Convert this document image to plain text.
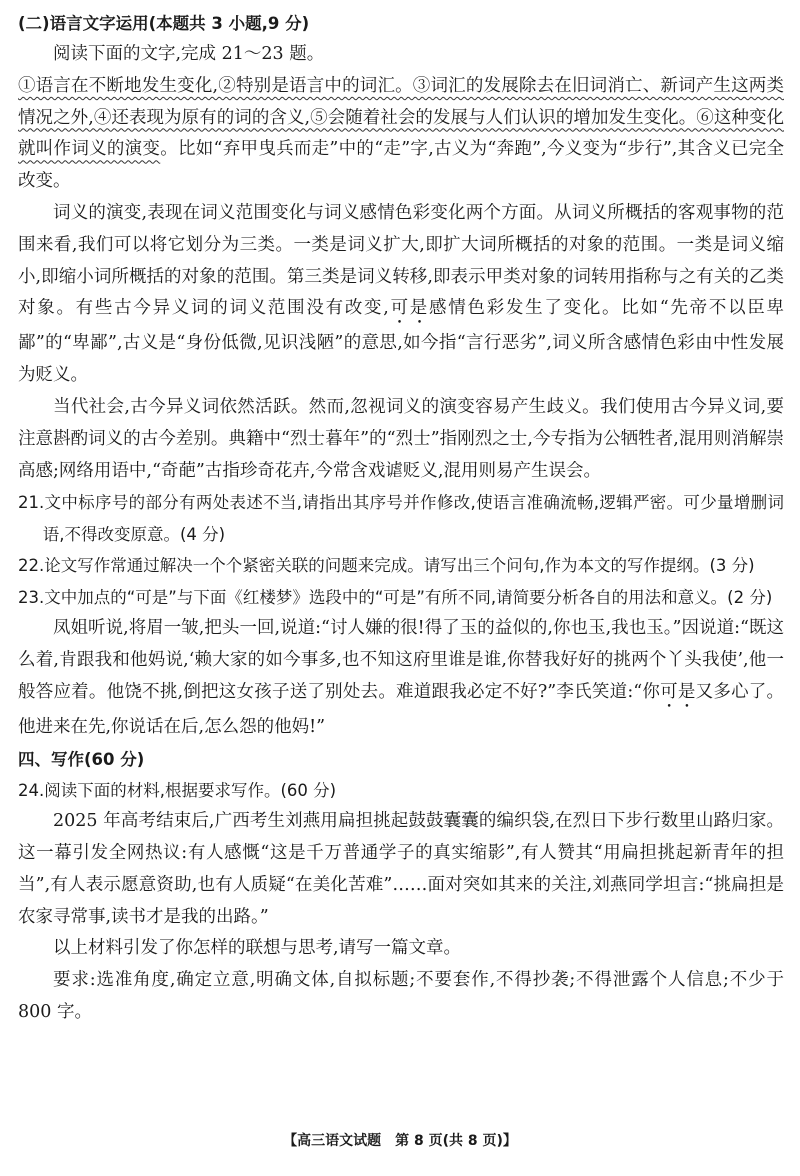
(二)语言文字运用(本题共 3 小题,9 分)

阅读下面的文字,完成 21～23 题。

①语言在不断地发生变化,②特别是语言中的词汇。③词汇的发展除去在旧词消亡、新词产生这两类情况之外,④还表现为原有的词的含义,⑤会随着社会的发展与人们认识的增加发生变化。⑥这种变化就叫作词义的演变。比如“弃甲曳兵而走”中的“走”字,古义为“奔跑”,今义变为“步行”,其含义已完全改变。

词义的演变,表现在词义范围变化与词义感情色彩变化两个方面。从词义所概括的客观事物的范围来看,我们可以将它划分为三类。一类是词义扩大,即扩大词所概括的对象的范围。一类是词义缩小,即缩小词所概括的对象的范围。第三类是词义转移,即表示甲类对象的词转用指称与之有关的乙类对象。有些古今异义词的词义范围没有改变,可是感情色彩发生了变化。比如“先帝不以臣卑鄙”的“卑鄙”,古义是“身份低微,见识浅陋”的意思,如今指“言行恶劣”,词义所含感情色彩由中性发展为贬义。

当代社会,古今异义词依然活跃。然而,忽视词义的演变容易产生歧义。我们使用古今异义词,要注意斟酌词义的古今差别。典籍中“烈士暮年”的“烈士”指刚烈之士,今专指为公牺牲者,混用则消解崇高感;网络用语中,“奇葩”古指珍奇花卉,今常含戏谑贬义,混用则易产生误会。

21.文中标序号的部分有两处表述不当,请指出其序号并作修改,使语言准确流畅,逻辑严密。可少量增删词语,不得改变原意。(4 分)

22.论文写作常通过解决一个个紧密关联的问题来完成。请写出三个问句,作为本文的写作提纲。(3 分)

23.文中加点的“可是”与下面《红楼梦》选段中的“可是”有所不同,请简要分析各自的用法和意义。(2 分)

凤姐听说,将眉一皱,把头一回,说道:“讨人嫌的很!得了玉的益似的,你也玉,我也玉。”因说道:“既这么着,肯跟我和他妈说,‘赖大家的如今事多,也不知这府里谁是谁,你替我好好的挑两个丫头我使’,他一般答应着。他饶不挑,倒把这女孩子送了别处去。难道跟我必定不好?”李氏笑道:“你可是又多心了。他进来在先,你说话在后,怎么怨的他妈!”

四、写作(60 分)

24.阅读下面的材料,根据要求写作。(60 分)

2025 年高考结束后,广西考生刘燕用扁担挑起鼓鼓囊囊的编织袋,在烈日下步行数里山路归家。这一幕引发全网热议:有人感慨“这是千万普通学子的真实缩影”,有人赞其“用扁担挑起新青年的担当”,有人表示愿意资助,也有人质疑“在美化苦难”……面对突如其来的关注,刘燕同学坦言:“挑扁担是农家寻常事,读书才是我的出路。”

以上材料引发了你怎样的联想与思考,请写一篇文章。

要求:选准角度,确定立意,明确文体,自拟标题;不要套作,不得抄袭;不得泄露个人信息;不少于 800 字。

【高三语文试题　第 8 页(共 8 页)】
